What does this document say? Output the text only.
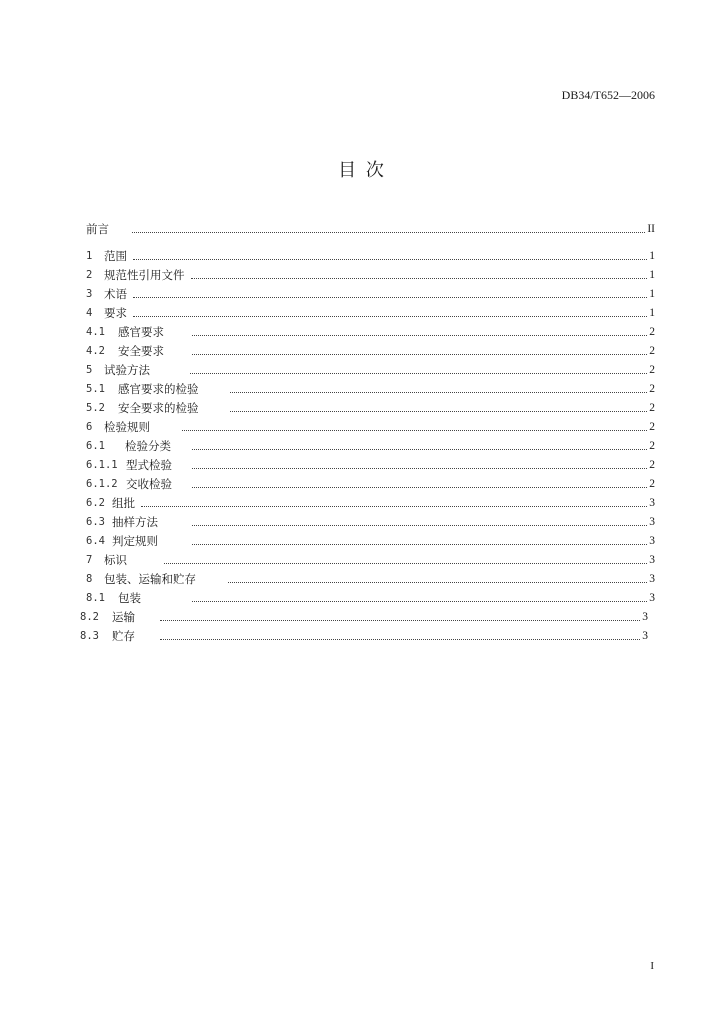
DB34/T652—2006
目 次
前言	II
1	范围	1
2	规范性引用文件	1
3	术语	1
4	要求	1
4.1	感官要求	2
4.2	安全要求	2
5	试验方法	2
5.1	感官要求的检验	2
5.2	安全要求的检验	2
6	检验规则	2
6.1	检验分类	2
6.1.1 型式检验	2
6.1.2 交收检验	2
6.2 组批	3
6.3 抽样方法	3
6.4 判定规则	3
7	标识	3
8	包装、运输和贮存	3
8.1	包装	3
8.2	运输	3
8.3	贮存	3
I
